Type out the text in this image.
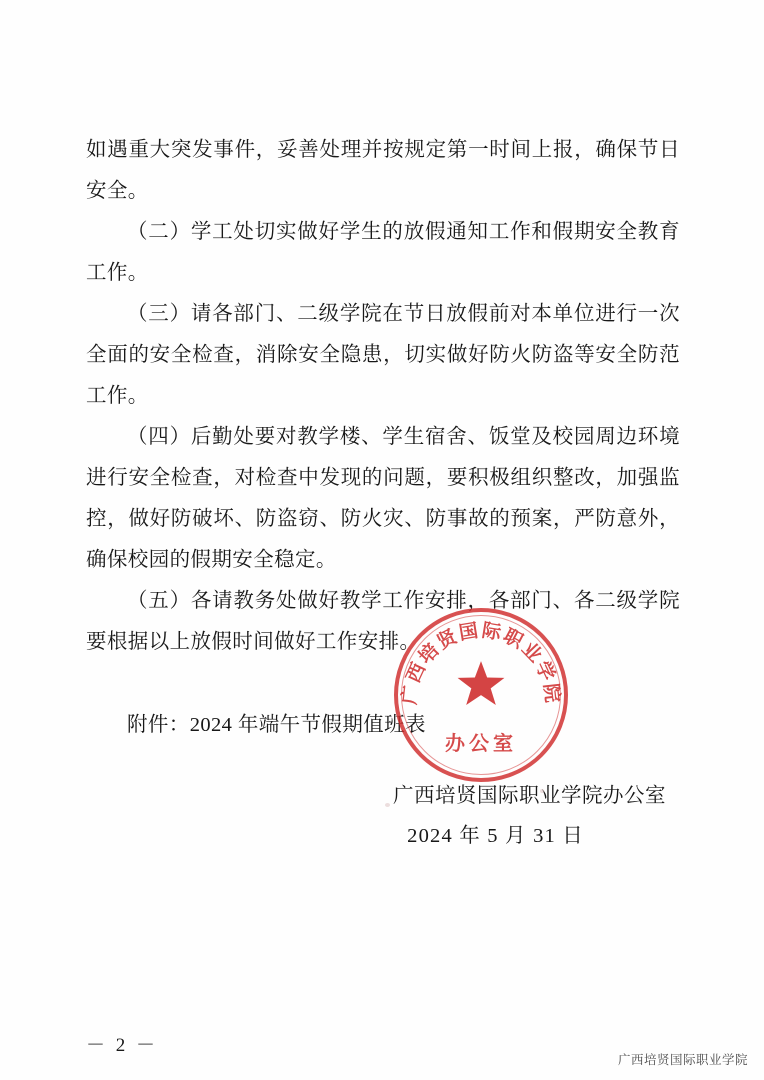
如遇重大突发事件，妥善处理并按规定第一时间上报，确保节日安全。

（二）学工处切实做好学生的放假通知工作和假期安全教育工作。

（三）请各部门、二级学院在节日放假前对本单位进行一次全面的安全检查，消除安全隐患，切实做好防火防盗等安全防范工作。

（四）后勤处要对教学楼、学生宿舍、饭堂及校园周边环境进行安全检查，对检查中发现的问题，要积极组织整改，加强监控，做好防破坏、防盗窃、防火灾、防事故的预案，严防意外，确保校园的假期安全稳定。

（五）各请教务处做好教学工作安排，各部门、各二级学院要根据以上放假时间做好工作安排。

附件：2024 年端午节假期值班表
广西培贤国际职业学院办公室
2024 年 5 月 31 日
广西培贤国际职业学院
办公室
－ 2 －
广西培贤国际职业学院
